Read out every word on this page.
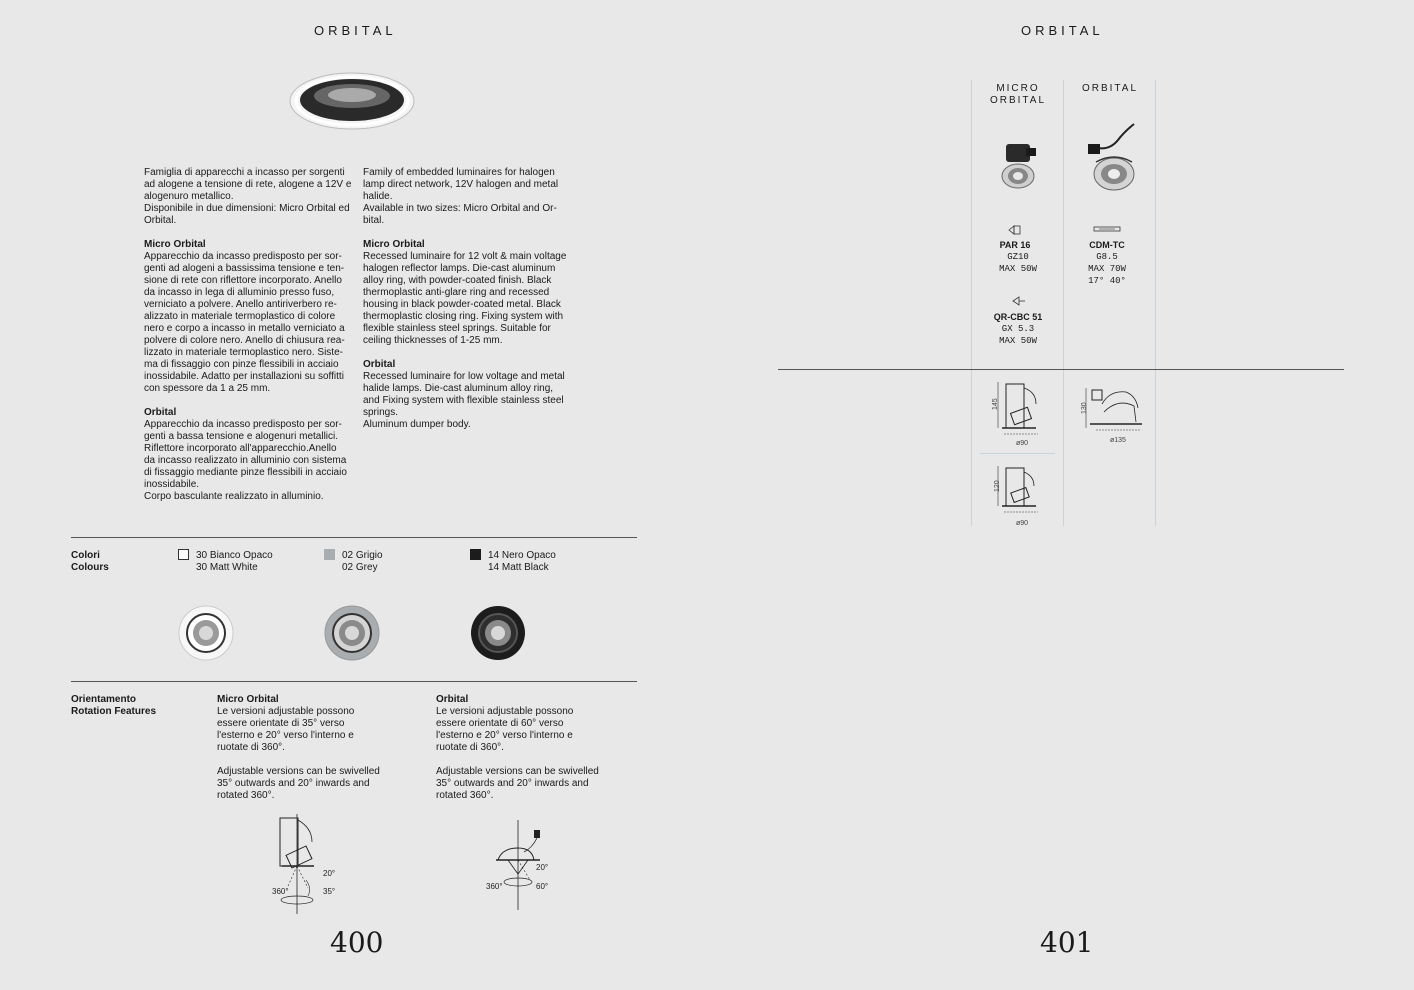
ORBITAL
Famiglia di apparecchi a incasso per sorgenti
ad alogene a tensione di rete, alogene a 12V e
alogenuro metallico.
Disponibile in due dimensioni: Micro Orbital ed
Orbital.
Micro Orbital
Apparecchio da incasso predisposto per sor-
genti ad alogeni a bassissima tensione e ten-
sione di rete con riflettore incorporato. Anello
da incasso in lega di alluminio presso fuso,
verniciato a polvere. Anello antiriverbero re-
alizzato in materiale termoplastico di colore
nero e corpo a incasso in metallo verniciato a
polvere di colore nero. Anello di chiusura rea-
lizzato in materiale termoplastico nero. Siste-
ma di fissaggio con pinze flessibili in acciaio
inossidabile. Adatto per installazioni su soffitti
con spessore da 1 a 25 mm.
Orbital
Apparecchio da incasso predisposto per sor-
genti a bassa tensione e alogenuri metallici.
Riflettore incorporato all'apparecchio.Anello
da incasso realizzato in alluminio con sistema
di fissaggio mediante pinze flessibili in acciaio
inossidabile.
Corpo basculante realizzato in alluminio.
Family of embedded luminaires for halogen
lamp direct network, 12V halogen and metal
halide.
Available in two sizes: Micro Orbital and Or-
bital.
Micro Orbital
Recessed luminaire for 12 volt & main voltage
halogen reflector lamps. Die-cast aluminum
alloy ring, with powder-coated finish. Black
thermoplastic anti-glare ring and recessed
housing in black powder-coated metal. Black
thermoplastic closing ring. Fixing system with
flexible stainless steel springs. Suitable for
ceiling thicknesses of 1-25 mm.
Orbital
Recessed luminaire for low voltage and metal
halide lamps. Die-cast aluminum alloy ring,
and Fixing system with flexible stainless steel
springs.
Aluminum dumper body.
Colori
Colours
30 Bianco Opaco
30 Matt White
02 Grigio
02 Grey
14 Nero Opaco
14 Matt Black
Orientamento
Rotation Features
Micro Orbital
Le versioni adjustable possono
essere orientate di 35° verso
l'esterno e 20° verso l'interno e
ruotate di 360°.

Adjustable versions can be swivelled
35° outwards and 20° inwards and
rotated 360°.
Orbital
Le versioni adjustable possono
essere orientate di 60° verso
l'esterno e 20° verso l'interno e
ruotate di 360°.

Adjustable versions can be swivelled
35° outwards and 20° inwards and
rotated 360°.
20°
35°
360°
20°
60°
360°
400
ORBITAL
MICRO
ORBITAL
ORBITAL
PAR 16
GZ10
MAX 50W
QR-CBC 51
GX 5.3
MAX 50W
CDM-TC
G8.5
MAX 70W
17° 40°
145
ø90
120
ø90
130
ø135
401
